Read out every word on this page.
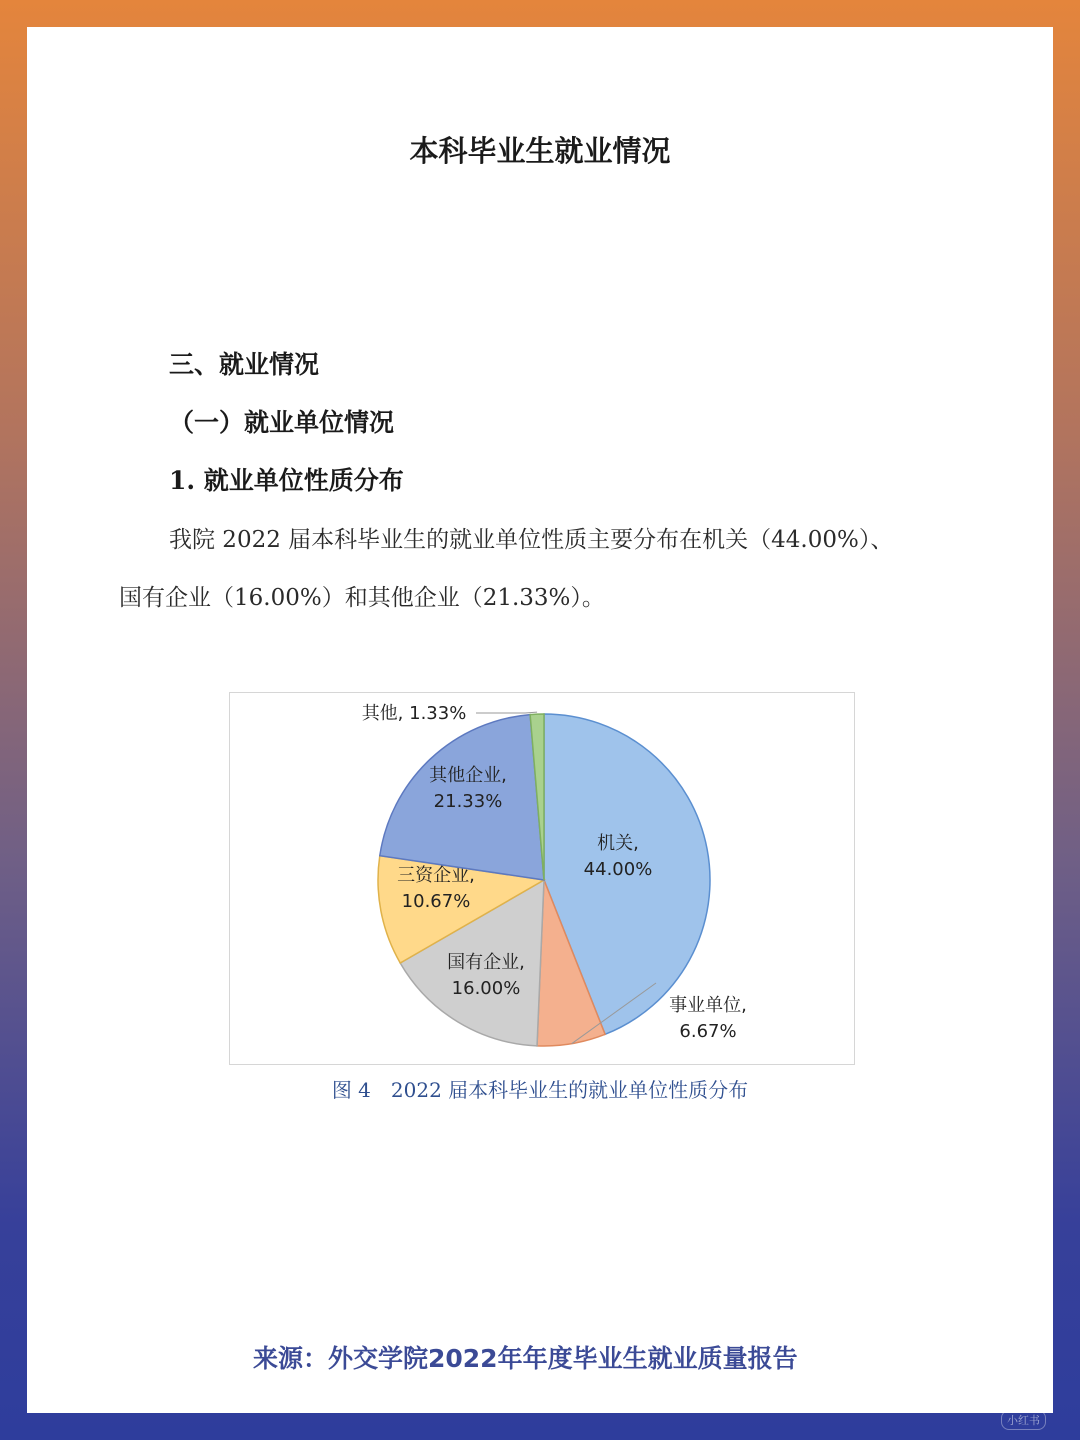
本科毕业生就业情况
三、就业情况
（一）就业单位情况
1. 就业单位性质分布
我院 2022 届本科毕业生的就业单位性质主要分布在机关（44.00%）、
国有企业（16.00%）和其他企业（21.33%）。
机关,
44.00%
事业单位,
6.67%
国有企业,
16.00%
三资企业,
10.67%
其他企业,
21.33%
其他, 1.33%
图 4　2022 届本科毕业生的就业单位性质分布
来源：外交学院2022年年度毕业生就业质量报告
小红书
